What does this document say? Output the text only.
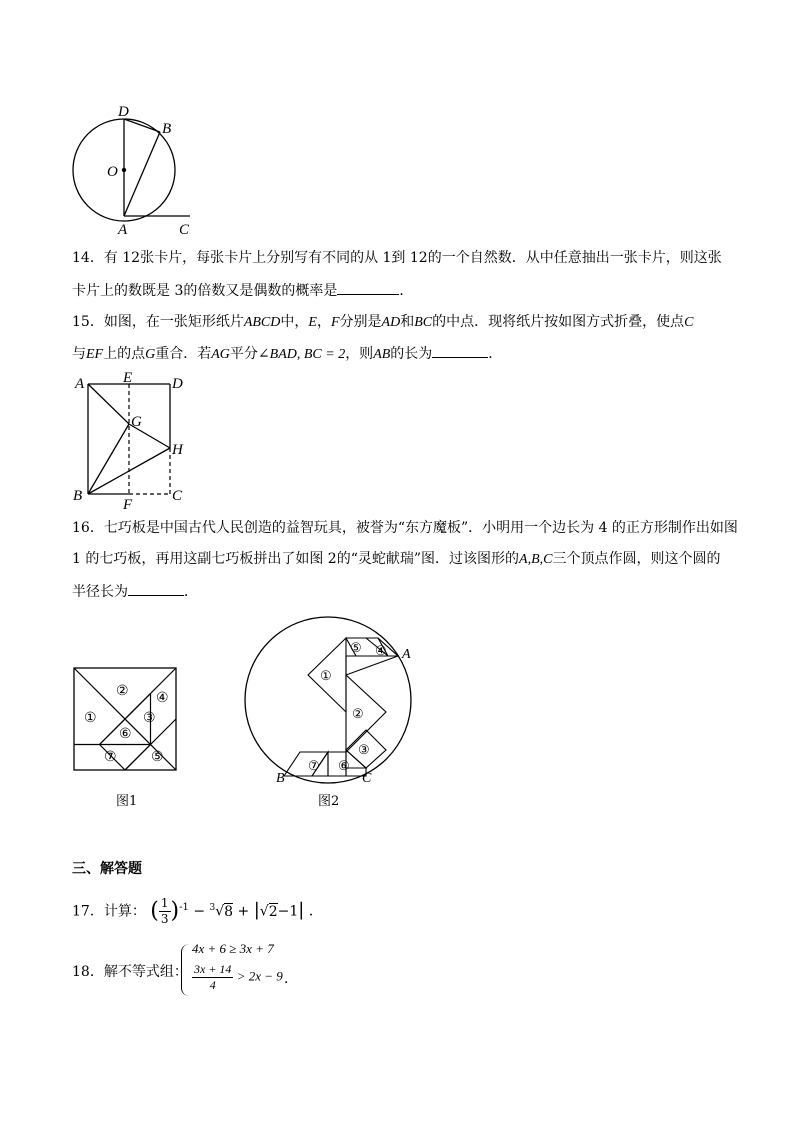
D
B
O
A	C
14．有 12张卡片，每张卡片上分别写有不同的从 1到 12的一个自然数．从中任意抽出一张卡片，则这张
卡片上的数既是 3的倍数又是偶数的概率是	．
15．如图，在一张矩形纸片ABCD中，E，F分别是AD和BC的中点．现将纸片按如图方式折叠，使点C
与EF上的点G重合．若AG平分∠BAD, BC = 2，则AB的长为	．
A	E	D
G
H
B
F
C
16．七巧板是中国古代人民创造的益智玩具，被誉为“东方魔板”．小明用一个边长为 4 的正方形制作出如图
1 的七巧板，再用这副七巧板拼出了如图 2的“灵蛇献瑞”图．过该图形的A,B,C三个顶点作圆，则这个圆的
半径长为	．
②
①
④
③
⑥
⑦ ⑤
图1
⑤ ④
①
②
③
⑦ ⑥
A
B	C
图2
三、解答题
17．计算： ( $\frac{1}{3} )^{-1} - ^3√8 + |√2-1|$ ．
18．解不等式组：
4x + 6 ≥ 3x + 7
$\frac{3x + 14}{4} > 2x - 9$ ．
